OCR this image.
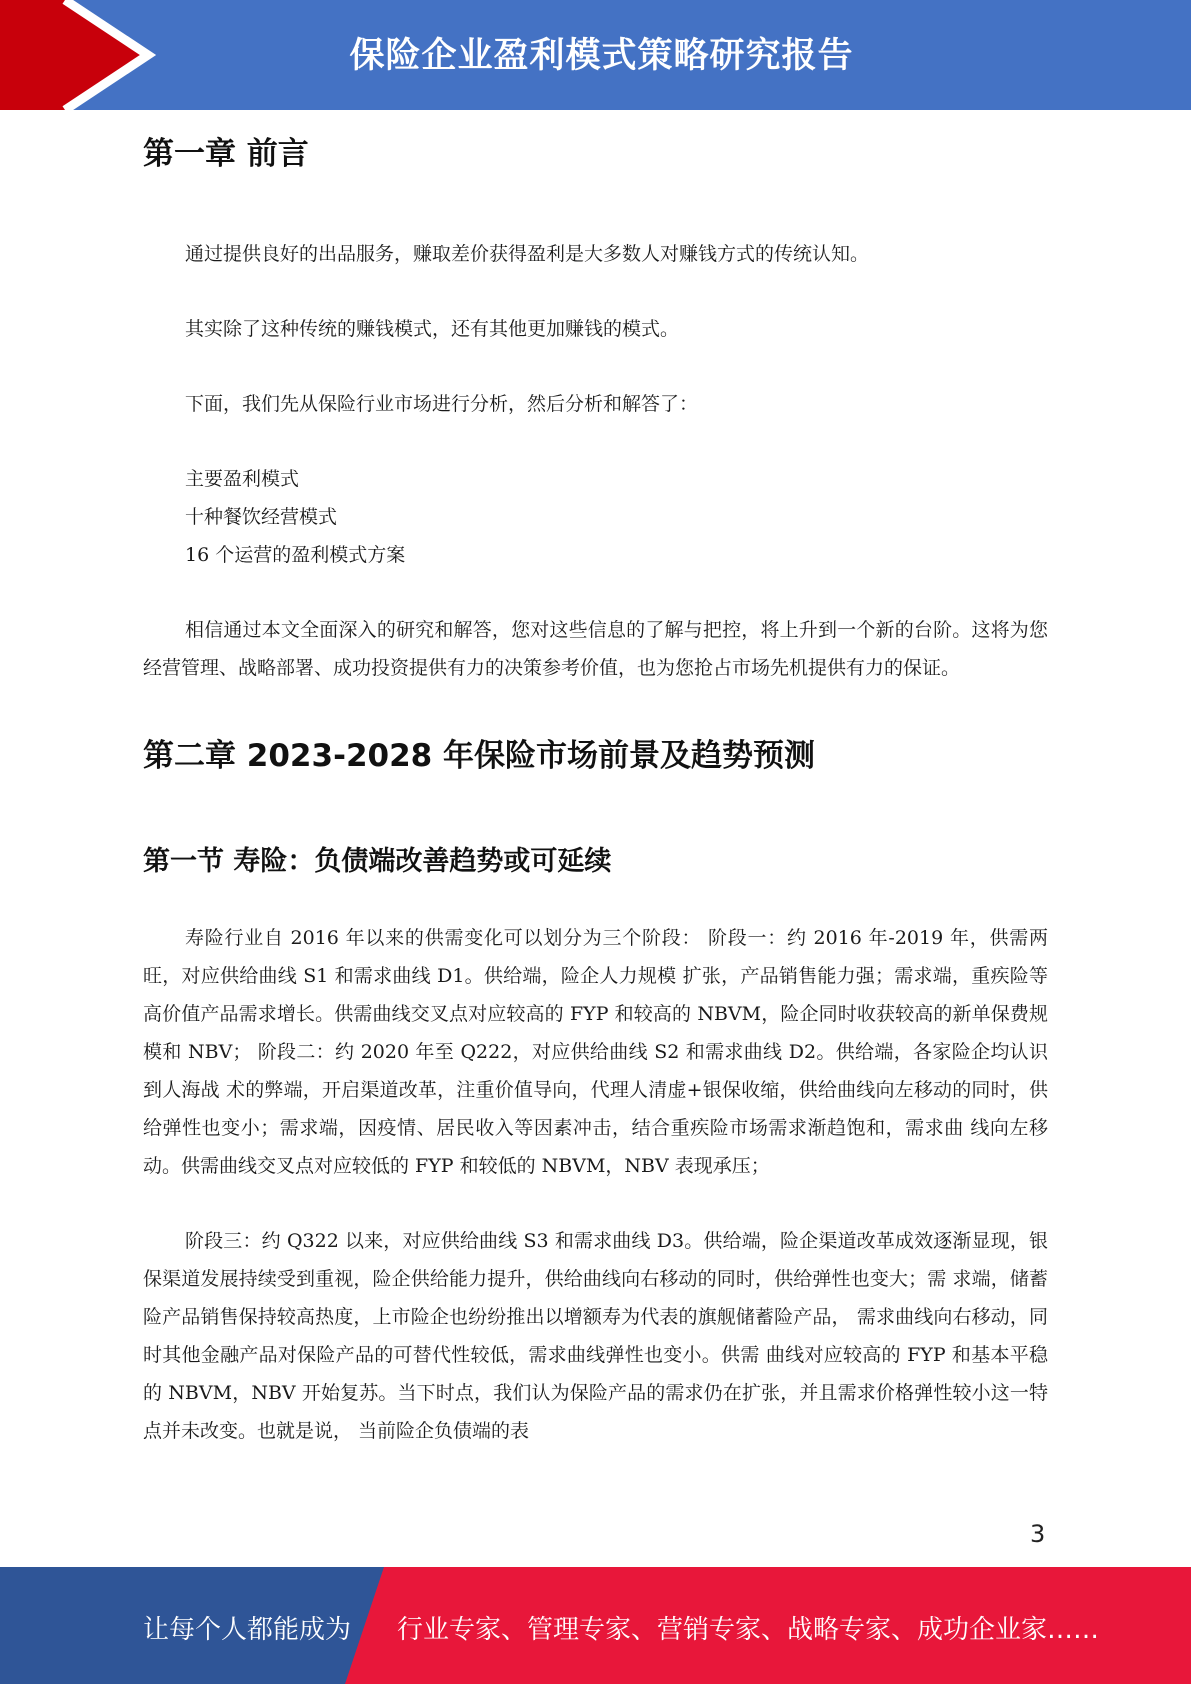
保险企业盈利模式策略研究报告
第一章 前言

通过提供良好的出品服务，赚取差价获得盈利是大多数人对赚钱方式的传统认知。

其实除了这种传统的赚钱模式，还有其他更加赚钱的模式。

下面，我们先从保险行业市场进行分析，然后分析和解答了：

主要盈利模式

十种餐饮经营模式

16 个运营的盈利模式方案

相信通过本文全面深入的研究和解答，您对这些信息的了解与把控，将上升到一个新的台阶。这将为您经营管理、战略部署、成功投资提供有力的决策参考价值，也为您抢占市场先机提供有力的保证。

第二章 2023-2028 年保险市场前景及趋势预测
第一节 寿险：负债端改善趋势或可延续

寿险行业自 2016 年以来的供需变化可以划分为三个阶段： 阶段一：约 2016 年-2019 年，供需两旺，对应供给曲线 S1 和需求曲线 D1。供给端，险企人力规模 扩张，产品销售能力强；需求端，重疾险等高价值产品需求增长。供需曲线交叉点对应较高的 FYP 和较高的 NBVM，险企同时收获较高的新单保费规模和 NBV； 阶段二：约 2020 年至 Q222，对应供给曲线 S2 和需求曲线 D2。供给端，各家险企均认识到人海战 术的弊端，开启渠道改革，注重价值导向，代理人清虚+银保收缩，供给曲线向左移动的同时，供 给弹性也变小；需求端，因疫情、居民收入等因素冲击，结合重疾险市场需求渐趋饱和，需求曲 线向左移动。供需曲线交叉点对应较低的 FYP 和较低的 NBVM，NBV 表现承压；

阶段三：约 Q322 以来，对应供给曲线 S3 和需求曲线 D3。供给端，险企渠道改革成效逐渐显现，银 保渠道发展持续受到重视，险企供给能力提升，供给曲线向右移动的同时，供给弹性也变大；需 求端，储蓄险产品销售保持较高热度，上市险企也纷纷推出以增额寿为代表的旗舰储蓄险产品， 需求曲线向右移动，同时其他金融产品对保险产品的可替代性较低，需求曲线弹性也变小。供需 曲线对应较高的 FYP 和基本平稳的 NBVM，NBV 开始复苏。当下时点，我们认为保险产品的需求仍在扩张，并且需求价格弹性较小这一特点并未改变。也就是说， 当前险企负债端的表

3
让每个人都能成为 行业专家、管理专家、营销专家、战略专家、成功企业家……
